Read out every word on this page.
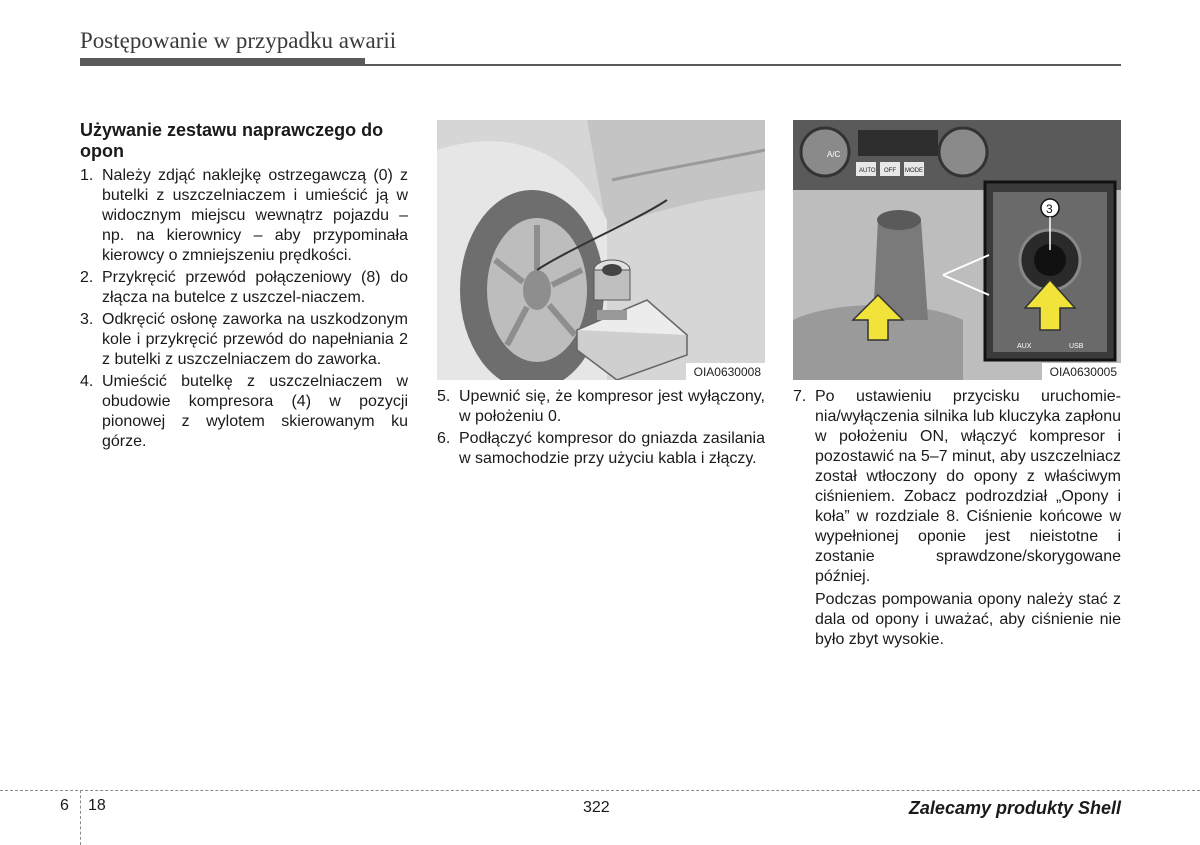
Postępowanie w przypadku awarii
Używanie zestawu naprawczego do opon
1. Należy zdjąć naklejkę ostrzegawczą (0) z butelki z uszczelniaczem i umieścić ją w widocznym miejscu wewnątrz pojazdu – np. na kierownicy – aby przypominała kierowcy o zmniejszeniu prędkości.
2. Przykręcić przewód połączeniowy (8) do złącza na butelce z uszczel-niaczem.
3. Odkręcić osłonę zaworka na uszkodzonym kole i przykręcić przewód do napełniania 2 z butelki z uszczelniaczem do zaworka.
4. Umieścić butelkę z uszczelniaczem w obudowie kompresora (4) w pozycji pionowej z wylotem skierowanym ku górze.
OIA0630008
A/C
AUTO OFF MODE
3
AUX	USB
OIA0630005
5. Upewnić się, że kompresor jest wyłączony, w położeniu 0.
6. Podłączyć kompresor do gniazda zasilania w samochodzie przy użyciu kabla i złączy.
7. Po ustawieniu przycisku uruchomie-nia/wyłączenia silnika lub kluczyka zapłonu w położeniu ON, włączyć kompresor i pozostawić na 5–7 minut, aby uszczelniacz został wtłoczony do opony z właściwym ciśnieniem. Zobacz podrozdział „Opony i koła” w rozdziale 8. Ciśnienie końcowe w wypełnionej oponie jest nieistotne i zostanie sprawdzone/skorygowane później.

Podczas pompowania opony należy stać z dala od opony i uważać, aby ciśnienie nie było zbyt wysokie.

6 18	322	Zalecamy produkty Shell
